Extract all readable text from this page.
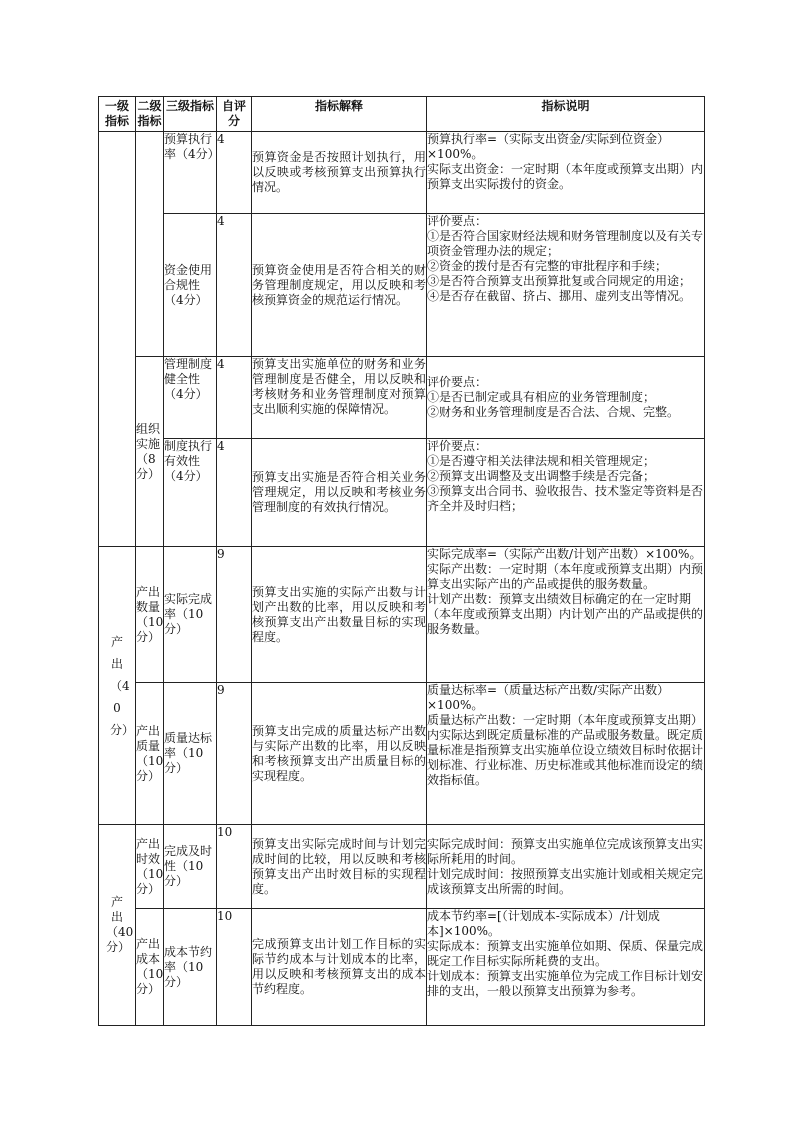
一级指标	二级指标	三级指标	自评分	指标解释	指标说明

		预算执行率（4分）	4	预算资金是否按照计划执行，用以反映或考核预算支出预算执行情况。	预算执行率=（实际支出资金/实际到位资金）×100%。
实际支出资金：一定时期（本年度或预算支出期）内预算支出实际拨付的资金。

		资金使用合规性（4分）	4	预算资金使用是否符合相关的财务管理制度规定，用以反映和考核预算资金的规范运行情况。	评价要点：
①是否符合国家财经法规和财务管理制度以及有关专项资金管理办法的规定；
②资金的拨付是否有完整的审批程序和手续；
③是否符合预算支出预算批复或合同规定的用途；
④是否存在截留、挤占、挪用、虚列支出等情况。

	组织实施（8分）	管理制度健全性（4分）	4	预算支出实施单位的财务和业务管理制度是否健全，用以反映和考核财务和业务管理制度对预算支出顺利实施的保障情况。	评价要点：
①是否已制定或具有相应的业务管理制度；
②财务和业务管理制度是否合法、合规、完整。

		制度执行有效性（4分）	4	预算支出实施是否符合相关业务管理规定，用以反映和考核业务管理制度的有效执行情况。	评价要点：
①是否遵守相关法律法规和相关管理规定；
②预算支出调整及支出调整手续是否完备；
③预算支出合同书、验收报告、技术鉴定等资料是否齐全并及时归档；

产出（40分）	产出数量（10分）	实际完成率（10分）	9	预算支出实施的实际产出数与计划产出数的比率，用以反映和考核预算支出产出数量目标的实现程度。	实际完成率=（实际产出数/计划产出数）×100%。
实际产出数：一定时期（本年度或预算支出期）内预算支出实际产出的产品或提供的服务数量。
计划产出数：预算支出绩效目标确定的在一定时期（本年度或预算支出期）内计划产出的产品或提供的服务数量。

	产出质量（10分）	质量达标率（10分）	9	预算支出完成的质量达标产出数与实际产出数的比率，用以反映和考核预算支出产出质量目标的实现程度。	质量达标率=（质量达标产出数/实际产出数）×100%。
质量达标产出数：一定时期（本年度或预算支出期）内实际达到既定质量标准的产品或服务数量。既定质量标准是指预算支出实施单位设立绩效目标时依据计划标准、行业标准、历史标准或其他标准而设定的绩效指标值。

产出（40分）	产出时效（10分）	完成及时性（10分）	10	预算支出实际完成时间与计划完成时间的比较，用以反映和考核预算支出产出时效目标的实现程度。	实际完成时间：预算支出实施单位完成该预算支出实际所耗用的时间。
计划完成时间：按照预算支出实施计划或相关规定完成该预算支出所需的时间。

	产出成本（10分）	成本节约率（10分）	10	完成预算支出计划工作目标的实际节约成本与计划成本的比率，用以反映和考核预算支出的成本节约程度。	成本节约率=[（计划成本-实际成本）/计划成本]×100%。
实际成本：预算支出实施单位如期、保质、保量完成既定工作目标实际所耗费的支出。
计划成本：预算支出实施单位为完成工作目标计划安排的支出，一般以预算支出预算为参考。
